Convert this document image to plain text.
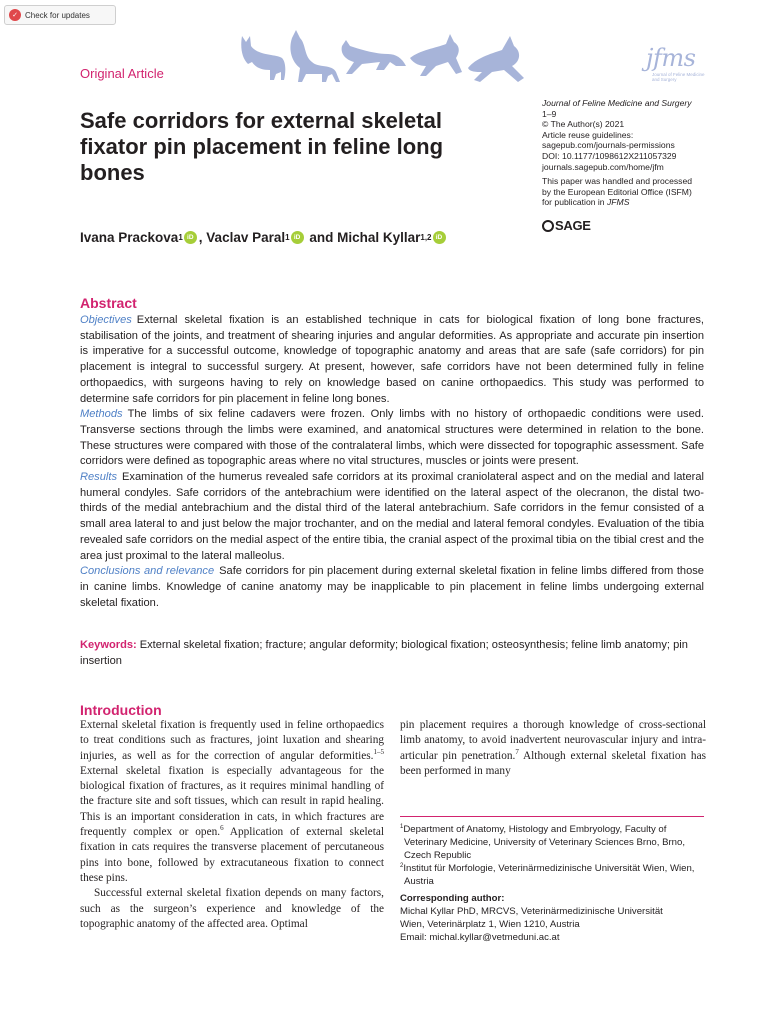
✓ Check for updates
Original Article
jfms
Journal of Feline Medicine and Surgery
Safe corridors for external skeletal fixator pin placement in feline long bones
Journal of Feline Medicine and Surgery
1–9
© The Author(s) 2021
Article reuse guidelines:
sagepub.com/journals-permissions
DOI: 10.1177/1098612X211057329
journals.sagepub.com/home/jfm
This paper was handled and processed
by the European Editorial Office (ISFM)
for publication in JFMS
SAGE
Ivana Prackova 1 iD , Vaclav Paral 1 iD and Michal Kyllar 1,2 iD
Abstract

Objectives External skeletal fixation is an established technique in cats for biological fixation of long bone fractures, stabilisation of the joints, and treatment of shearing injuries and angular deformities. As appropriate and accurate pin insertion is imperative for a successful outcome, knowledge of topographic anatomy and areas that are safe (safe corridors) for pin placement is integral to successful surgery. At present, however, safe corridors have not been determined fully in feline orthopaedics, with surgeons having to rely on knowledge based on canine orthopaedics. This study was performed to determine safe corridors for pin placement in feline long bones.

Methods The limbs of six feline cadavers were frozen. Only limbs with no history of orthopaedic conditions were used. Transverse sections through the limbs were examined, and anatomical structures were determined in relation to the bone. These structures were compared with those of the contralateral limbs, which were dissected for topographic assessment. Safe corridors were defined as topographic areas where no vital structures, muscles or joints were present.

Results Examination of the humerus revealed safe corridors at its proximal craniolateral aspect and on the medial and lateral humeral condyles. Safe corridors of the antebrachium were identified on the lateral aspect of the olecranon, the distal two-thirds of the medial antebrachium and the distal third of the lateral antebrachium. Safe corridors in the femur consisted of a small area lateral to and just below the major trochanter, and on the medial and lateral femoral condyles. Evaluation of the tibia revealed safe corridors on the medial aspect of the entire tibia, the cranial aspect of the proximal tibia on the tibial crest and the area just proximal to the lateral malleolus.

Conclusions and relevance Safe corridors for pin placement during external skeletal fixation in feline limbs differed from those in canine limbs. Knowledge of canine anatomy may be inapplicable to pin placement in feline limbs undergoing external skeletal fixation.

Keywords: External skeletal fixation; fracture; angular deformity; biological fixation; osteosynthesis; feline limb anatomy; pin insertion
Introduction

External skeletal fixation is frequently used in feline orthopaedics to treat conditions such as fractures, joint luxation and shearing injuries, as well as for the correction of angular deformities.$^{1-5}$ External skeletal fixation is especially advantageous for the biological fixation of fractures, as it requires minimal handling of the fracture site and soft tissues, which can result in rapid healing. This is an important consideration in cats, in which fractures are frequently complex or open.$^6$ Application of external skeletal fixation in cats requires the transverse placement of percutaneous pins into bone, followed by extracutaneous fixation to connect these pins.

Successful external skeletal fixation depends on many factors, such as the surgeon’s experience and knowledge of the topographic anatomy of the affected area. Optimal

pin placement requires a thorough knowledge of cross-sectional limb anatomy, to avoid inadvertent neurovascular injury and intra-articular pin penetration.$^7$ Although external skeletal fixation has been performed in many

$^1$Department of Anatomy, Histology and Embryology, Faculty of Veterinary Medicine, University of Veterinary Sciences Brno, Brno, Czech Republic
$^2$Institut für Morfologie, Veterinärmedizinische Universität Wien, Wien, Austria
Corresponding author:
Michal Kyllar PhD, MRCVS, Veterinärmedizinische Universität
Wien, Veterinärplatz 1, Wien 1210, Austria
Email: michal.kyllar@vetmeduni.ac.at
